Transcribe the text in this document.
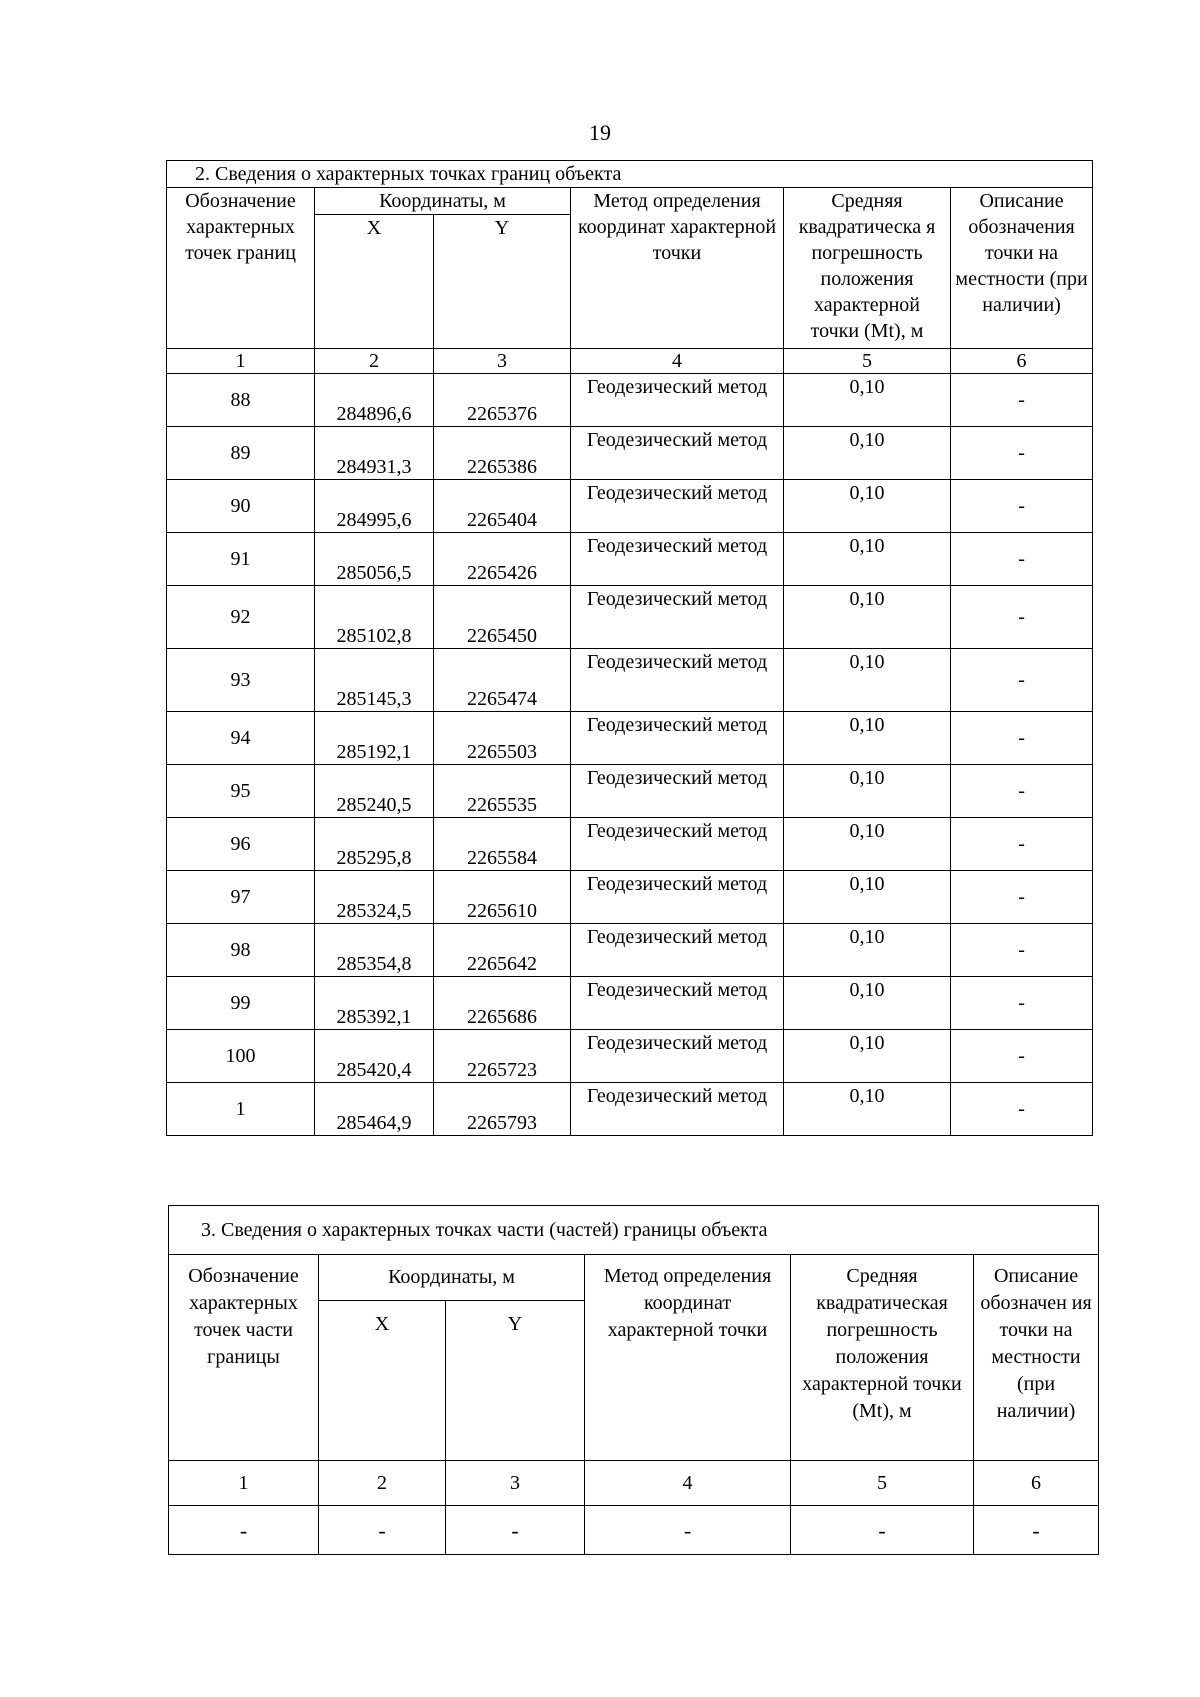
19
2. Сведения о характерных точках границ объекта					
Обозначение характерных точек границ	Координаты, м		Метод определения координат характерной точки	Средняя квадратическа я погрешность положения характерной точки (Mt), м	Описание обозначения точки на местности (при наличии)
	X	Y			
1	2	3	4	5	6
88	284896,6	2265376	Геодезический метод	0,10	-
89	284931,3	2265386	Геодезический метод	0,10	-
90	284995,6	2265404	Геодезический метод	0,10	-
91	285056,5	2265426	Геодезический метод	0,10	-
92	285102,8	2265450	Геодезический метод	0,10	-
93	285145,3	2265474	Геодезический метод	0,10	-
94	285192,1	2265503	Геодезический метод	0,10	-
95	285240,5	2265535	Геодезический метод	0,10	-
96	285295,8	2265584	Геодезический метод	0,10	-
97	285324,5	2265610	Геодезический метод	0,10	-
98	285354,8	2265642	Геодезический метод	0,10	-
99	285392,1	2265686	Геодезический метод	0,10	-
100	285420,4	2265723	Геодезический метод	0,10	-
1	285464,9	2265793	Геодезический метод	0,10	-
3. Сведения о характерных точках части (частей) границы объекта					
Обозначение характерных точек части границы	Координаты, м		Метод определения координат характерной точки	Средняя квадратическая погрешность положения характерной точки (Mt), м	Описание обозначен ия точки на местности (при наличии)
	X	Y			
1	2	3	4	5	6
-	-	-	-	-	-
